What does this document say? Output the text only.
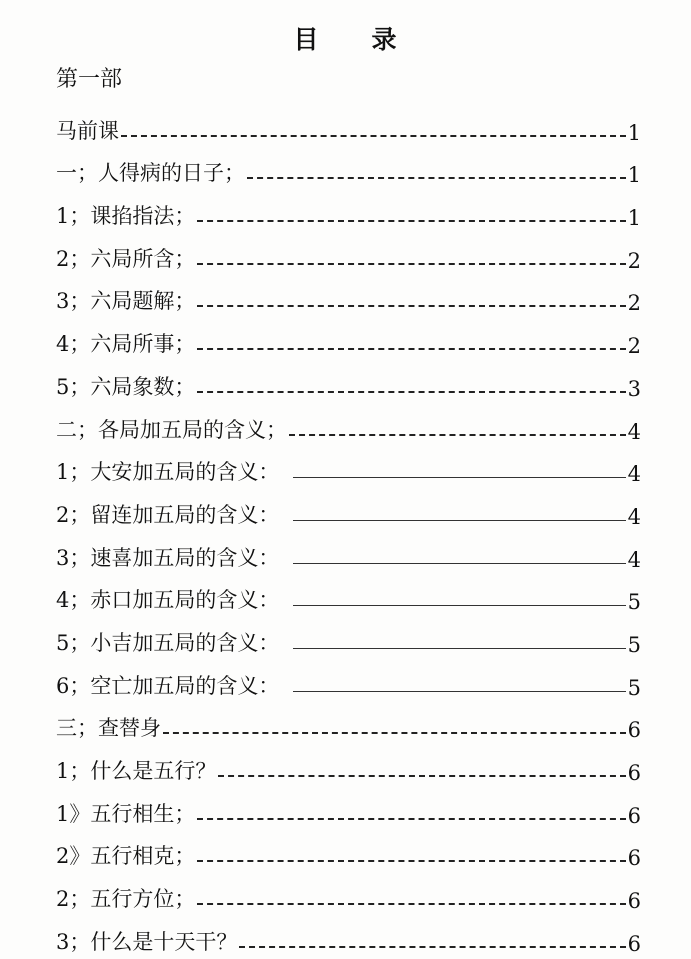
目 录
第一部
马前课	1
一；人得病的日子；	1
1；课掐指法；	1
2；六局所含；	2
3；六局题解；	2
4；六局所事；	2
5；六局象数；	3
二；各局加五局的含义；	4
1；大安加五局的含义：	4
2；留连加五局的含义：	4
3；速喜加五局的含义：	4
4；赤口加五局的含义：	5
5；小吉加五局的含义：	5
6；空亡加五局的含义：	5
三；查替身	6
1；什么是五行？	6
1》五行相生；	6
2》五行相克；	6
2；五行方位；	6
3；什么是十天干？	6
